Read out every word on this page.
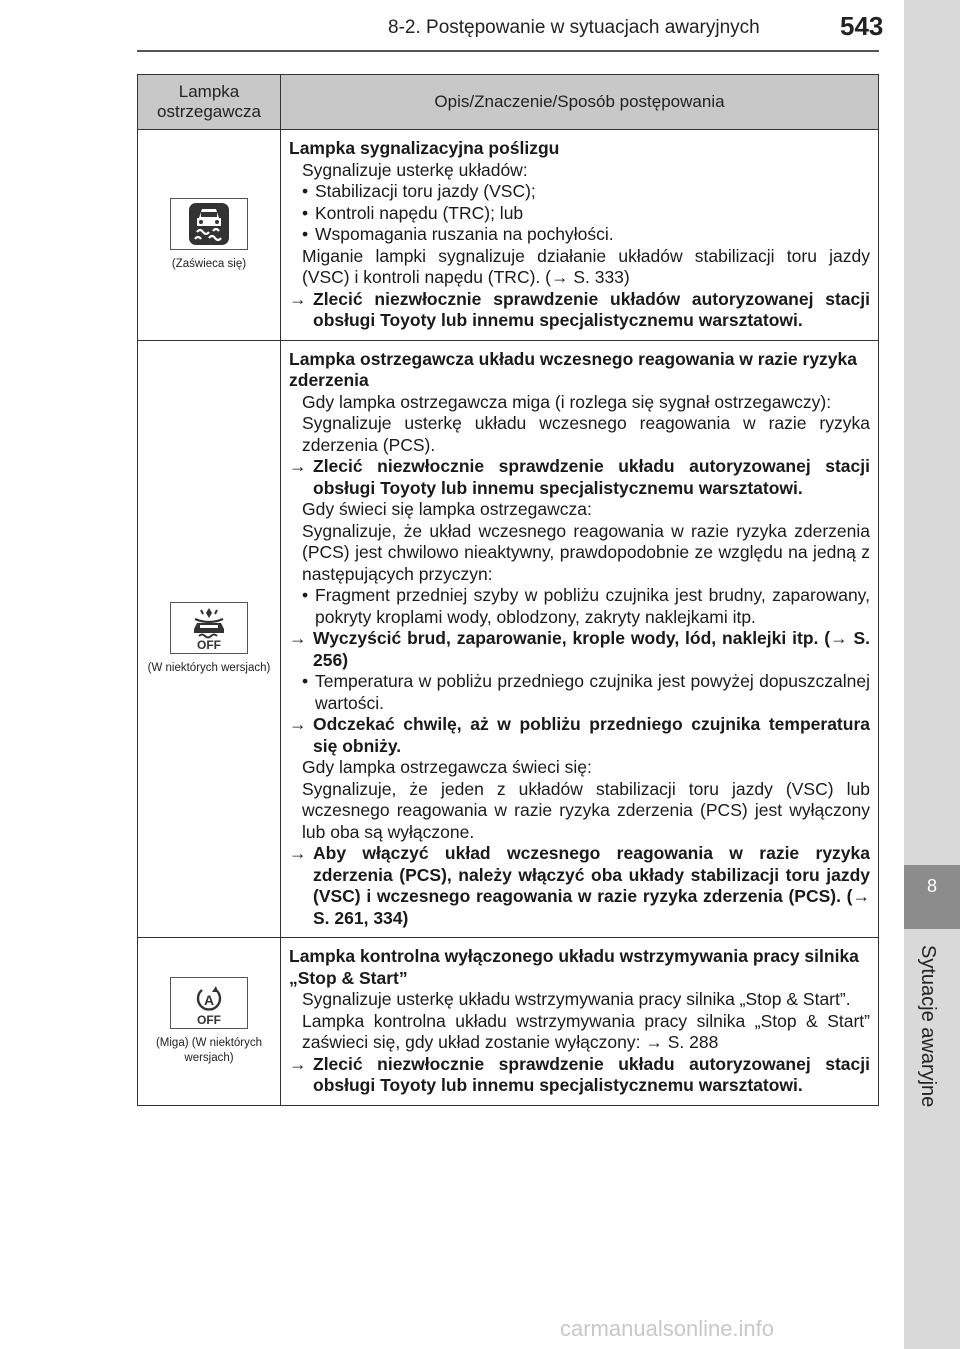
8-2. Postępowanie w sytuacjach awaryjnych	543
8
Sytuacje awaryjne
Lampka ostrzegawcza
Opis/Znaczenie/Sposób postępowania
(Zaświeca się)
Lampka sygnalizacyjna poślizgu
Sygnalizuje usterkę układów:
• Stabilizacji toru jazdy (VSC);
• Kontroli napędu (TRC); lub
• Wspomagania ruszania na pochyłości.
Miganie lampki sygnalizuje działanie układów stabilizacji toru jazdy (VSC) i kontroli napędu (TRC). (→ S. 333)
→ Zlecić niezwłocznie sprawdzenie układów autoryzowanej stacji obsługi Toyoty lub innemu specjalistycznemu warsztatowi.
OFF
(W niektórych wersjach)
Lampka ostrzegawcza układu wczesnego reagowania w razie ryzyka zderzenia
Gdy lampka ostrzegawcza miga (i rozlega się sygnał ostrzegawczy):
Sygnalizuje usterkę układu wczesnego reagowania w razie ryzyka zderzenia (PCS).
→ Zlecić niezwłocznie sprawdzenie układu autoryzowanej stacji obsługi Toyoty lub innemu specjalistycznemu warsztatowi.
Gdy świeci się lampka ostrzegawcza:
Sygnalizuje, że układ wczesnego reagowania w razie ryzyka zderzenia (PCS) jest chwilowo nieaktywny, prawdopodobnie ze względu na jedną z następujących przyczyn:
• Fragment przedniej szyby w pobliżu czujnika jest brudny, zaparowany, pokryty kroplami wody, oblodzony, zakryty naklejkami itp.
→ Wyczyścić brud, zaparowanie, krople wody, lód, naklejki itp. (→ S. 256)
• Temperatura w pobliżu przedniego czujnika jest powyżej dopuszczalnej wartości.
→ Odczekać chwilę, aż w pobliżu przedniego czujnika temperatura się obniży.
Gdy lampka ostrzegawcza świeci się:
Sygnalizuje, że jeden z układów stabilizacji toru jazdy (VSC) lub wczesnego reagowania w razie ryzyka zderzenia (PCS) jest wyłączony lub oba są wyłączone.
→ Aby włączyć układ wczesnego reagowania w razie ryzyka zderzenia (PCS), należy włączyć oba układy stabilizacji toru jazdy (VSC) i wczesnego reagowania w razie ryzyka zderzenia (PCS). (→ S. 261, 334)
A
OFF
(Miga) (W niektórych wersjach)
Lampka kontrolna wyłączonego układu wstrzymywania pracy silnika „Stop & Start”
Sygnalizuje usterkę układu wstrzymywania pracy silnika „Stop & Start”.
Lampka kontrolna układu wstrzymywania pracy silnika „Stop & Start” zaświeci się, gdy układ zostanie wyłączony: → S. 288
→ Zlecić niezwłocznie sprawdzenie układu autoryzowanej stacji obsługi Toyoty lub innemu specjalistycznemu warsztatowi.
carmanualsonline.info
